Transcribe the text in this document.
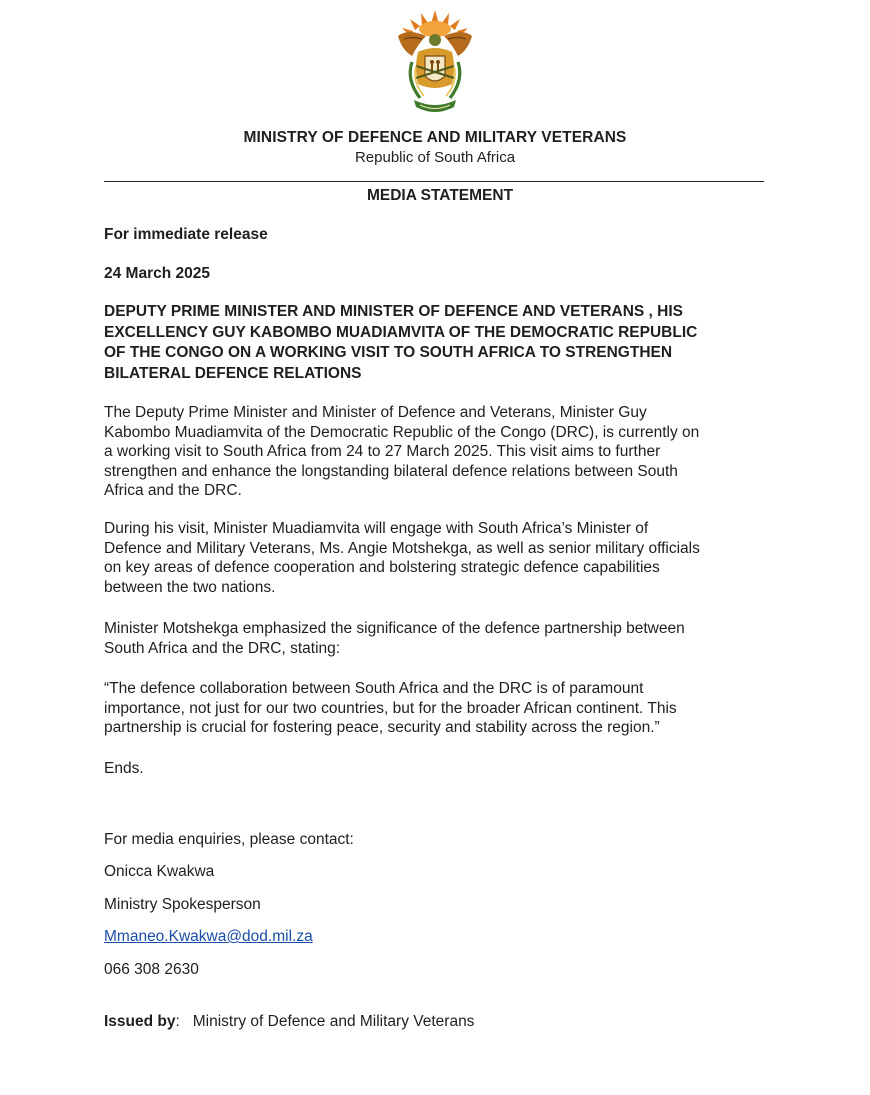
MINISTRY OF DEFENCE AND MILITARY VETERANS
Republic of South Africa
MEDIA STATEMENT
For immediate release
24 March 2025
DEPUTY PRIME MINISTER AND MINISTER OF DEFENCE AND VETERANS , HIS
EXCELLENCY GUY KABOMBO MUADIAMVITA OF THE DEMOCRATIC REPUBLIC
OF THE CONGO ON A WORKING VISIT TO SOUTH AFRICA TO STRENGTHEN
BILATERAL DEFENCE RELATIONS
The Deputy Prime Minister and Minister of Defence and Veterans, Minister Guy
Kabombo Muadiamvita of the Democratic Republic of the Congo (DRC), is currently on
a working visit to South Africa from 24 to 27 March 2025. This visit aims to further
strengthen and enhance the longstanding bilateral defence relations between South
Africa and the DRC.
During his visit, Minister Muadiamvita will engage with South Africa’s Minister of
Defence and Military Veterans, Ms. Angie Motshekga, as well as senior military officials
on key areas of defence cooperation and bolstering strategic defence capabilities
between the two nations.
Minister Motshekga emphasized the significance of the defence partnership between
South Africa and the DRC, stating:
“The defence collaboration between South Africa and the DRC is of paramount
importance, not just for our two countries, but for the broader African continent. This
partnership is crucial for fostering peace, security and stability across the region.”
Ends.
For media enquiries, please contact:
Onicca Kwakwa
Ministry Spokesperson
Mmaneo.Kwakwa@dod.mil.za
066 308 2630
Issued by: Ministry of Defence and Military Veterans
